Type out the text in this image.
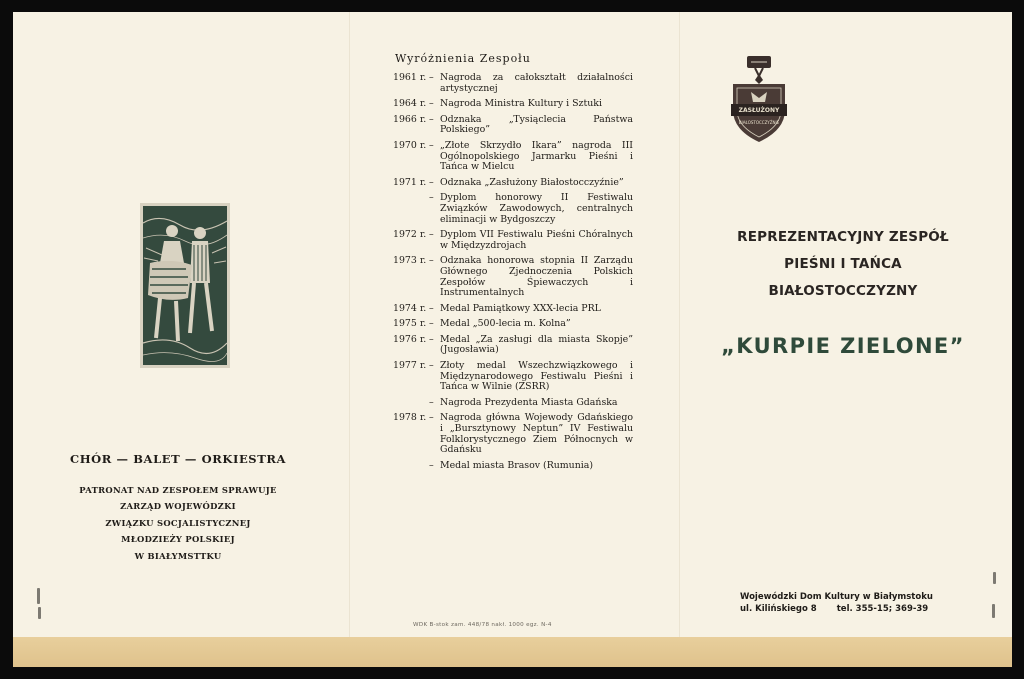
CHÓR — BALET — ORKIESTRA
PATRONAT NAD ZESPOŁEM SPRAWUJE
ZARZĄD WOJEWÓDZKI
ZWIĄZKU SOCJALISTYCZNEJ
MŁODZIEŻY POLSKIEJ
W BIAŁYMSTTKU
Wyróżnienia Zespołu
1961 r. – Nagroda za całokształt działalności artystycznej
1964 r. – Nagroda Ministra Kultury i Sztuki
1966 r. – Odznaka „Tysiąclecia Państwa Polskiego”
1970 r. – „Złote Skrzydło Ikara” nagroda III Ogólnopolskiego Jarmarku Pieśni i Tańca w Mielcu
1971 r. – Odznaka „Zasłużony Białostocczyźnie”
– Dyplom honorowy II Festiwalu Związków Zawodowych, centralnych eliminacji w Bydgoszczy
1972 r. – Dyplom VII Festiwalu Pieśni Chóralnych w Międzyzdrojach
1973 r. – Odznaka honorowa stopnia II Zarządu Głównego Zjednoczenia Polskich Zespołów Śpiewaczych i Instrumentalnych
1974 r. – Medal Pamiątkowy XXX-lecia PRL
1975 r. – Medal „500-lecia m. Kolna”
1976 r. – Medal „Za zasługi dla miasta Skopje” (Jugosławia)
1977 r. – Złoty medal Wszechzwiązkowego i Międzynarodowego Festiwalu Pieśni i Tańca w Wilnie (ZSRR)
– Nagroda Prezydenta Miasta Gdańska
1978 r. – Nagroda główna Wojewody Gdańskiego i „Bursztynowy Neptun” IV Festiwalu Folklorystycznego Ziem Północnych w Gdańsku
– Medal miasta Brasov (Rumunia)
WDK B-stok zam. 448/78 nakł. 1000 egz. N-4
ZASŁUŻONY
BIAŁOSTOCCZYŹNIE
REPREZENTACYJNY ZESPÓŁ
PIEŚNI I TAŃCA
BIAŁOSTOCCZYZNY
„KURPIE ZIELONE”
Wojewódzki Dom Kultury w Białymstoku
ul. Kilińskiego 8 tel. 355-15; 369-39
